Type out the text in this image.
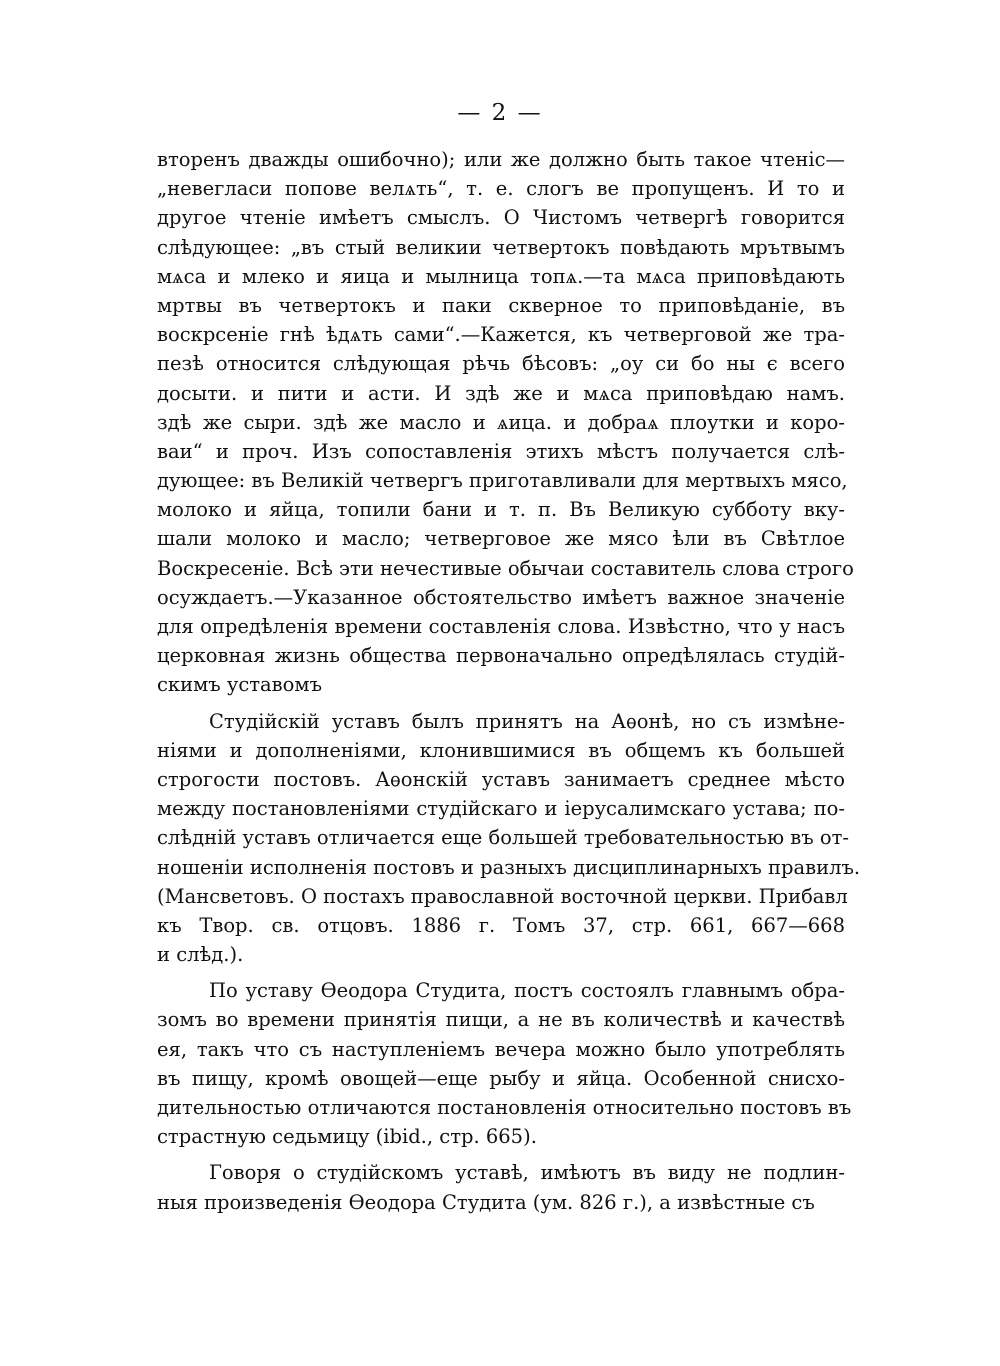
— 2 —
вторенъ дважды ошибочно); или же должно быть такое чтеніс—
„невегласи попове велѧть“, т. е. слогъ ве пропущенъ. И то и
другое чтеніе имѣетъ смыслъ. О Чистомъ четвергѣ говорится
слѣдующее: „въ стый великии четвертокъ повѣдають мрътвымъ
мѧса и млеко и яица и мылница топѧ.—та мѧса приповѣдають
мртвы въ четвертокъ и паки скверное то приповѣданіе, въ
воскрсеніе гнѣ ѣдѧть сами“.—Кажется, къ четверговой же тра-
пезѣ относится слѣдующая рѣчь бѣсовъ: „оу си бо ны є всего
досыти. и пити и асти. И здѣ же и мѧса приповѣдаю намъ.
здѣ же сыри. здѣ же масло и ѧица. и добраѧ плоутки и коро-
ваи“ и проч. Изъ сопоставленія этихъ мѣстъ получается слѣ-
дующее: въ Великій четвергъ приготавливали для мертвыхъ мясо,
молоко и яйца, топили бани и т. п. Въ Великую субботу вку-
шали молоко и масло; четверговое же мясо ѣли въ Свѣтлое
Воскресеніе. Всѣ эти нечестивые обычаи составитель слова строго
осуждаетъ.—Указанное обстоятельство имѣетъ важное значеніе
для опредѣленія времени составленія слова. Извѣстно, что у насъ
церковная жизнь общества первоначально опредѣлялась студій-
скимъ уставомъ
Студійскій уставъ былъ принятъ на Аѳонѣ, но съ измѣне-
ніями и дополненіями, клонившимися въ общемъ къ большей
строгости постовъ. Аѳонскій уставъ занимаетъ среднее мѣсто
между постановленіями студійскаго и іерусалимскаго устава; по-
слѣдній уставъ отличается еще большей требовательностью въ от-
ношеніи исполненія постовъ и разныхъ дисциплинарныхъ правилъ.
(Мансветовъ. О постахъ православной восточной церкви. Прибавл
къ Твор. св. отцовъ. 1886 г. Томъ 37, стр. 661, 667—668
и слѣд.).
По уставу Ѳеодора Студита, постъ состоялъ главнымъ обра-
зомъ во времени принятія пищи, а не въ количествѣ и качествѣ
ея, такъ что съ наступленіемъ вечера можно было употреблять
въ пищу, кромѣ овощей—еще рыбу и яйца. Особенной снисхо-
дительностью отличаются постановленія относительно постовъ въ
страстную седьмицу (ibid., стр. 665).
Говоря о студійскомъ уставѣ, имѣютъ въ виду не подлин-
ныя произведенія Ѳеодора Студита (ум. 826 г.), а извѣстные съ
